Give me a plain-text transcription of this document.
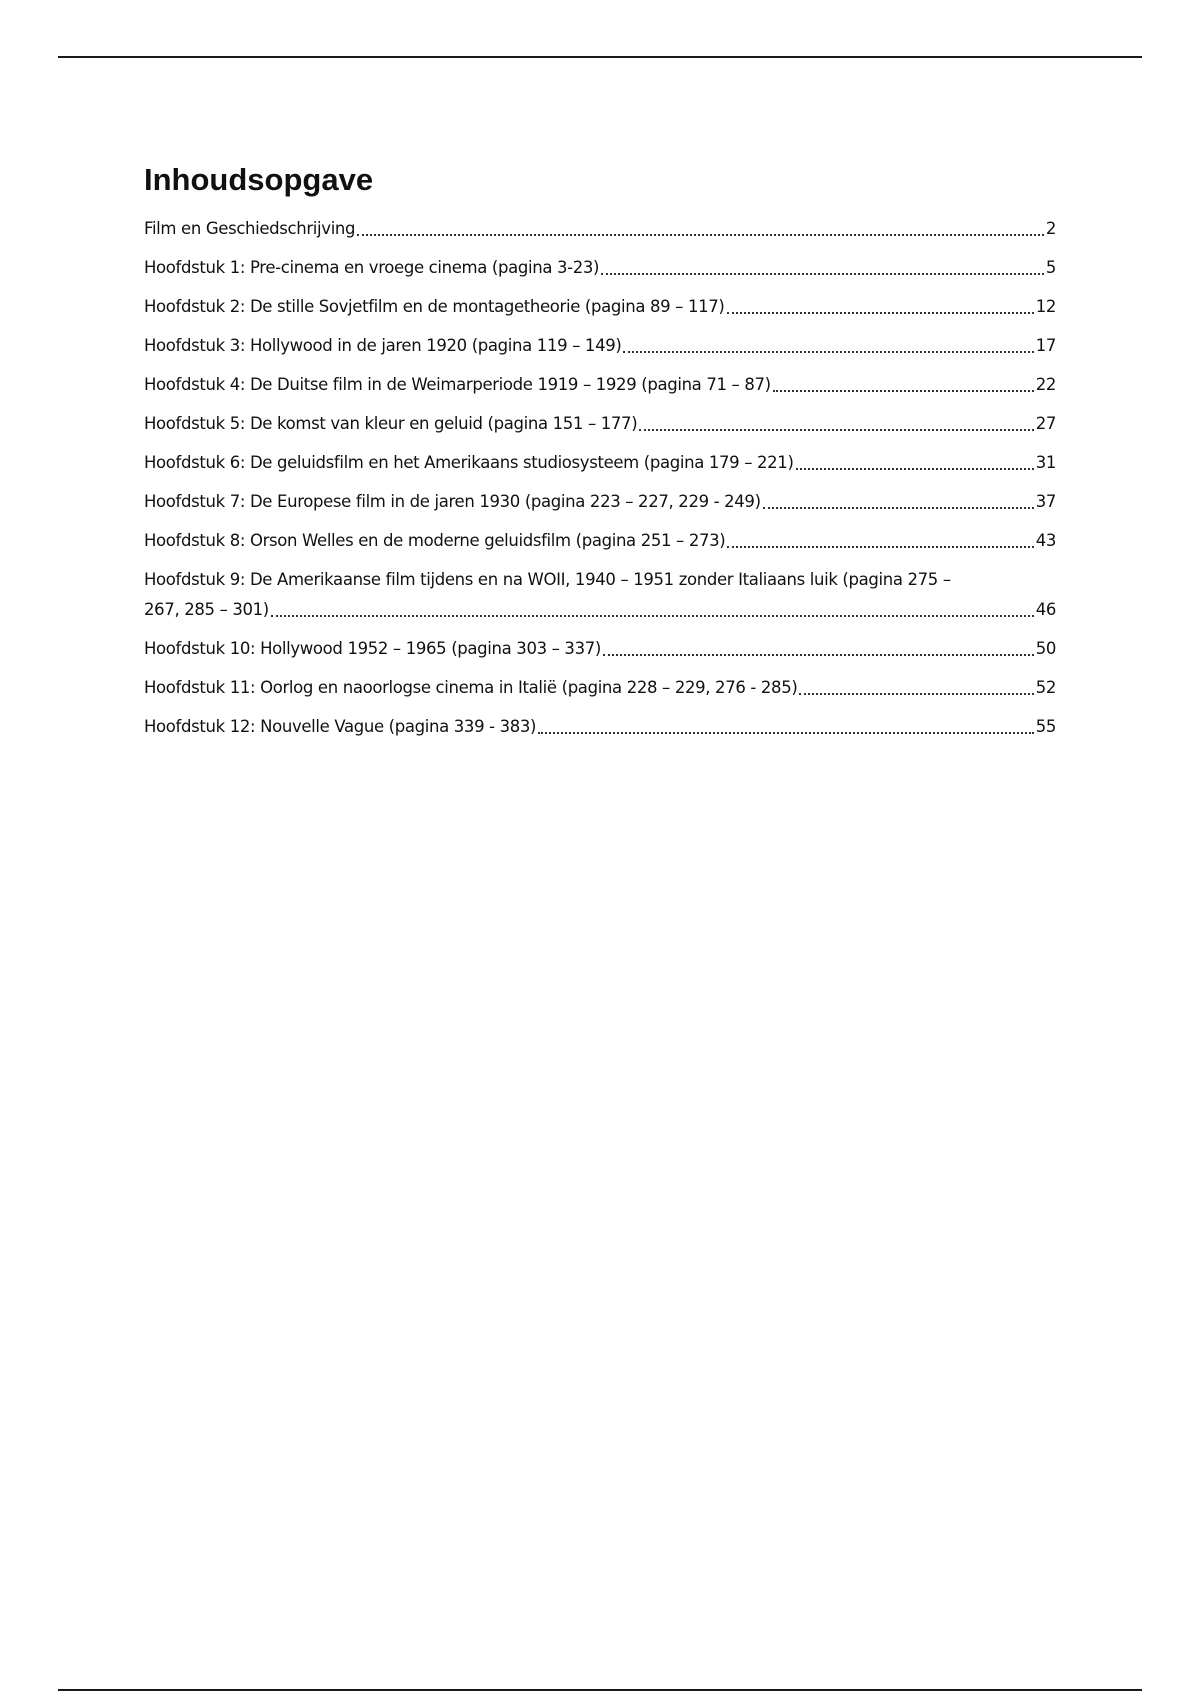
Inhoudsopgave
Film en Geschiedschrijving	2
Hoofdstuk 1: Pre-cinema en vroege cinema (pagina 3-23)	5
Hoofdstuk 2: De stille Sovjetfilm en de montagetheorie (pagina 89 – 117)	12
Hoofdstuk 3: Hollywood in de jaren 1920 (pagina 119 – 149)	17
Hoofdstuk 4: De Duitse film in de Weimarperiode 1919 – 1929 (pagina 71 – 87)	22
Hoofdstuk 5: De komst van kleur en geluid (pagina 151 – 177)	27
Hoofdstuk 6: De geluidsfilm en het Amerikaans studiosysteem (pagina 179 – 221)	31
Hoofdstuk 7: De Europese film in de jaren 1930 (pagina 223 – 227, 229 - 249)	37
Hoofdstuk 8: Orson Welles en de moderne geluidsfilm (pagina 251 – 273)	43
Hoofdstuk 9: De Amerikaanse film tijdens en na WOII, 1940 – 1951 zonder Italiaans luik (pagina 275 –
267, 285 – 301)	46
Hoofdstuk 10: Hollywood 1952 – 1965 (pagina 303 – 337)	50
Hoofdstuk 11: Oorlog en naoorlogse cinema in Italië (pagina 228 – 229, 276 - 285)	52
Hoofdstuk 12: Nouvelle Vague (pagina 339 - 383)	55
